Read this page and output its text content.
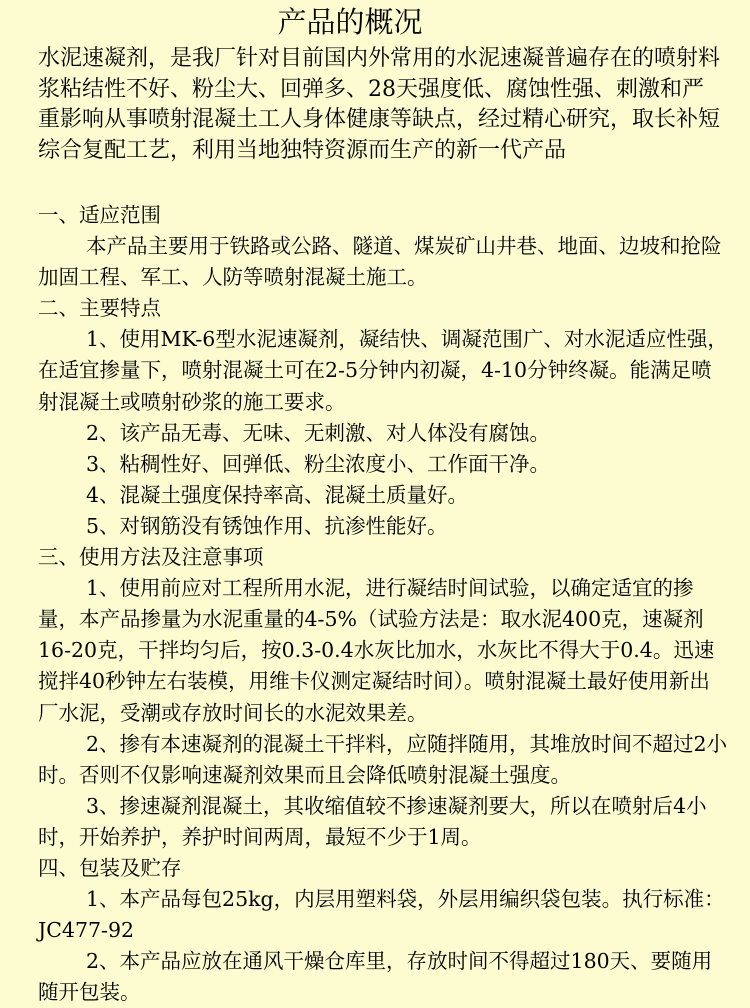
产品的概况
水泥速凝剂，是我厂针对目前国内外常用的水泥速凝普遍存在的喷射料浆粘结性不好、粉尘大、回弹多、28天强度低、腐蚀性强、刺激和严重影响从事喷射混凝土工人身体健康等缺点，经过精心研究，取长补短综合复配工艺，利用当地独特资源而生产的新一代产品

一、适应范围

本产品主要用于铁路或公路、隧道、煤炭矿山井巷、地面、边坡和抢险加固工程、军工、人防等喷射混凝土施工。

二、主要特点

1、使用MK-6型水泥速凝剂，凝结快、调凝范围广、对水泥适应性强，在适宜掺量下，喷射混凝土可在2-5分钟内初凝，4-10分钟终凝。能满足喷射混凝土或喷射砂浆的施工要求。

2、该产品无毒、无味、无刺激、对人体没有腐蚀。

3、粘稠性好、回弹低、粉尘浓度小、工作面干净。

4、混凝土强度保持率高、混凝土质量好。

5、对钢筋没有锈蚀作用、抗渗性能好。

三、使用方法及注意事项

1、使用前应对工程所用水泥，进行凝结时间试验，以确定适宜的掺量，本产品掺量为水泥重量的4-5%（试验方法是：取水泥400克，速凝剂16-20克，干拌均匀后，按0.3-0.4水灰比加水，水灰比不得大于0.4。迅速搅拌40秒钟左右装模，用维卡仪测定凝结时间）。喷射混凝土最好使用新出厂水泥，受潮或存放时间长的水泥效果差。

2、掺有本速凝剂的混凝土干拌料，应随拌随用，其堆放时间不超过2小时。否则不仅影响速凝剂效果而且会降低喷射混凝土强度。

3、掺速凝剂混凝土，其收缩值较不掺速凝剂要大，所以在喷射后4小时，开始养护，养护时间两周，最短不少于1周。

四、包装及贮存

1、本产品每包25kg，内层用塑料袋，外层用编织袋包装。执行标准：JC477-92

2、本产品应放在通风干燥仓库里，存放时间不得超过180天、要随用随开包装。
